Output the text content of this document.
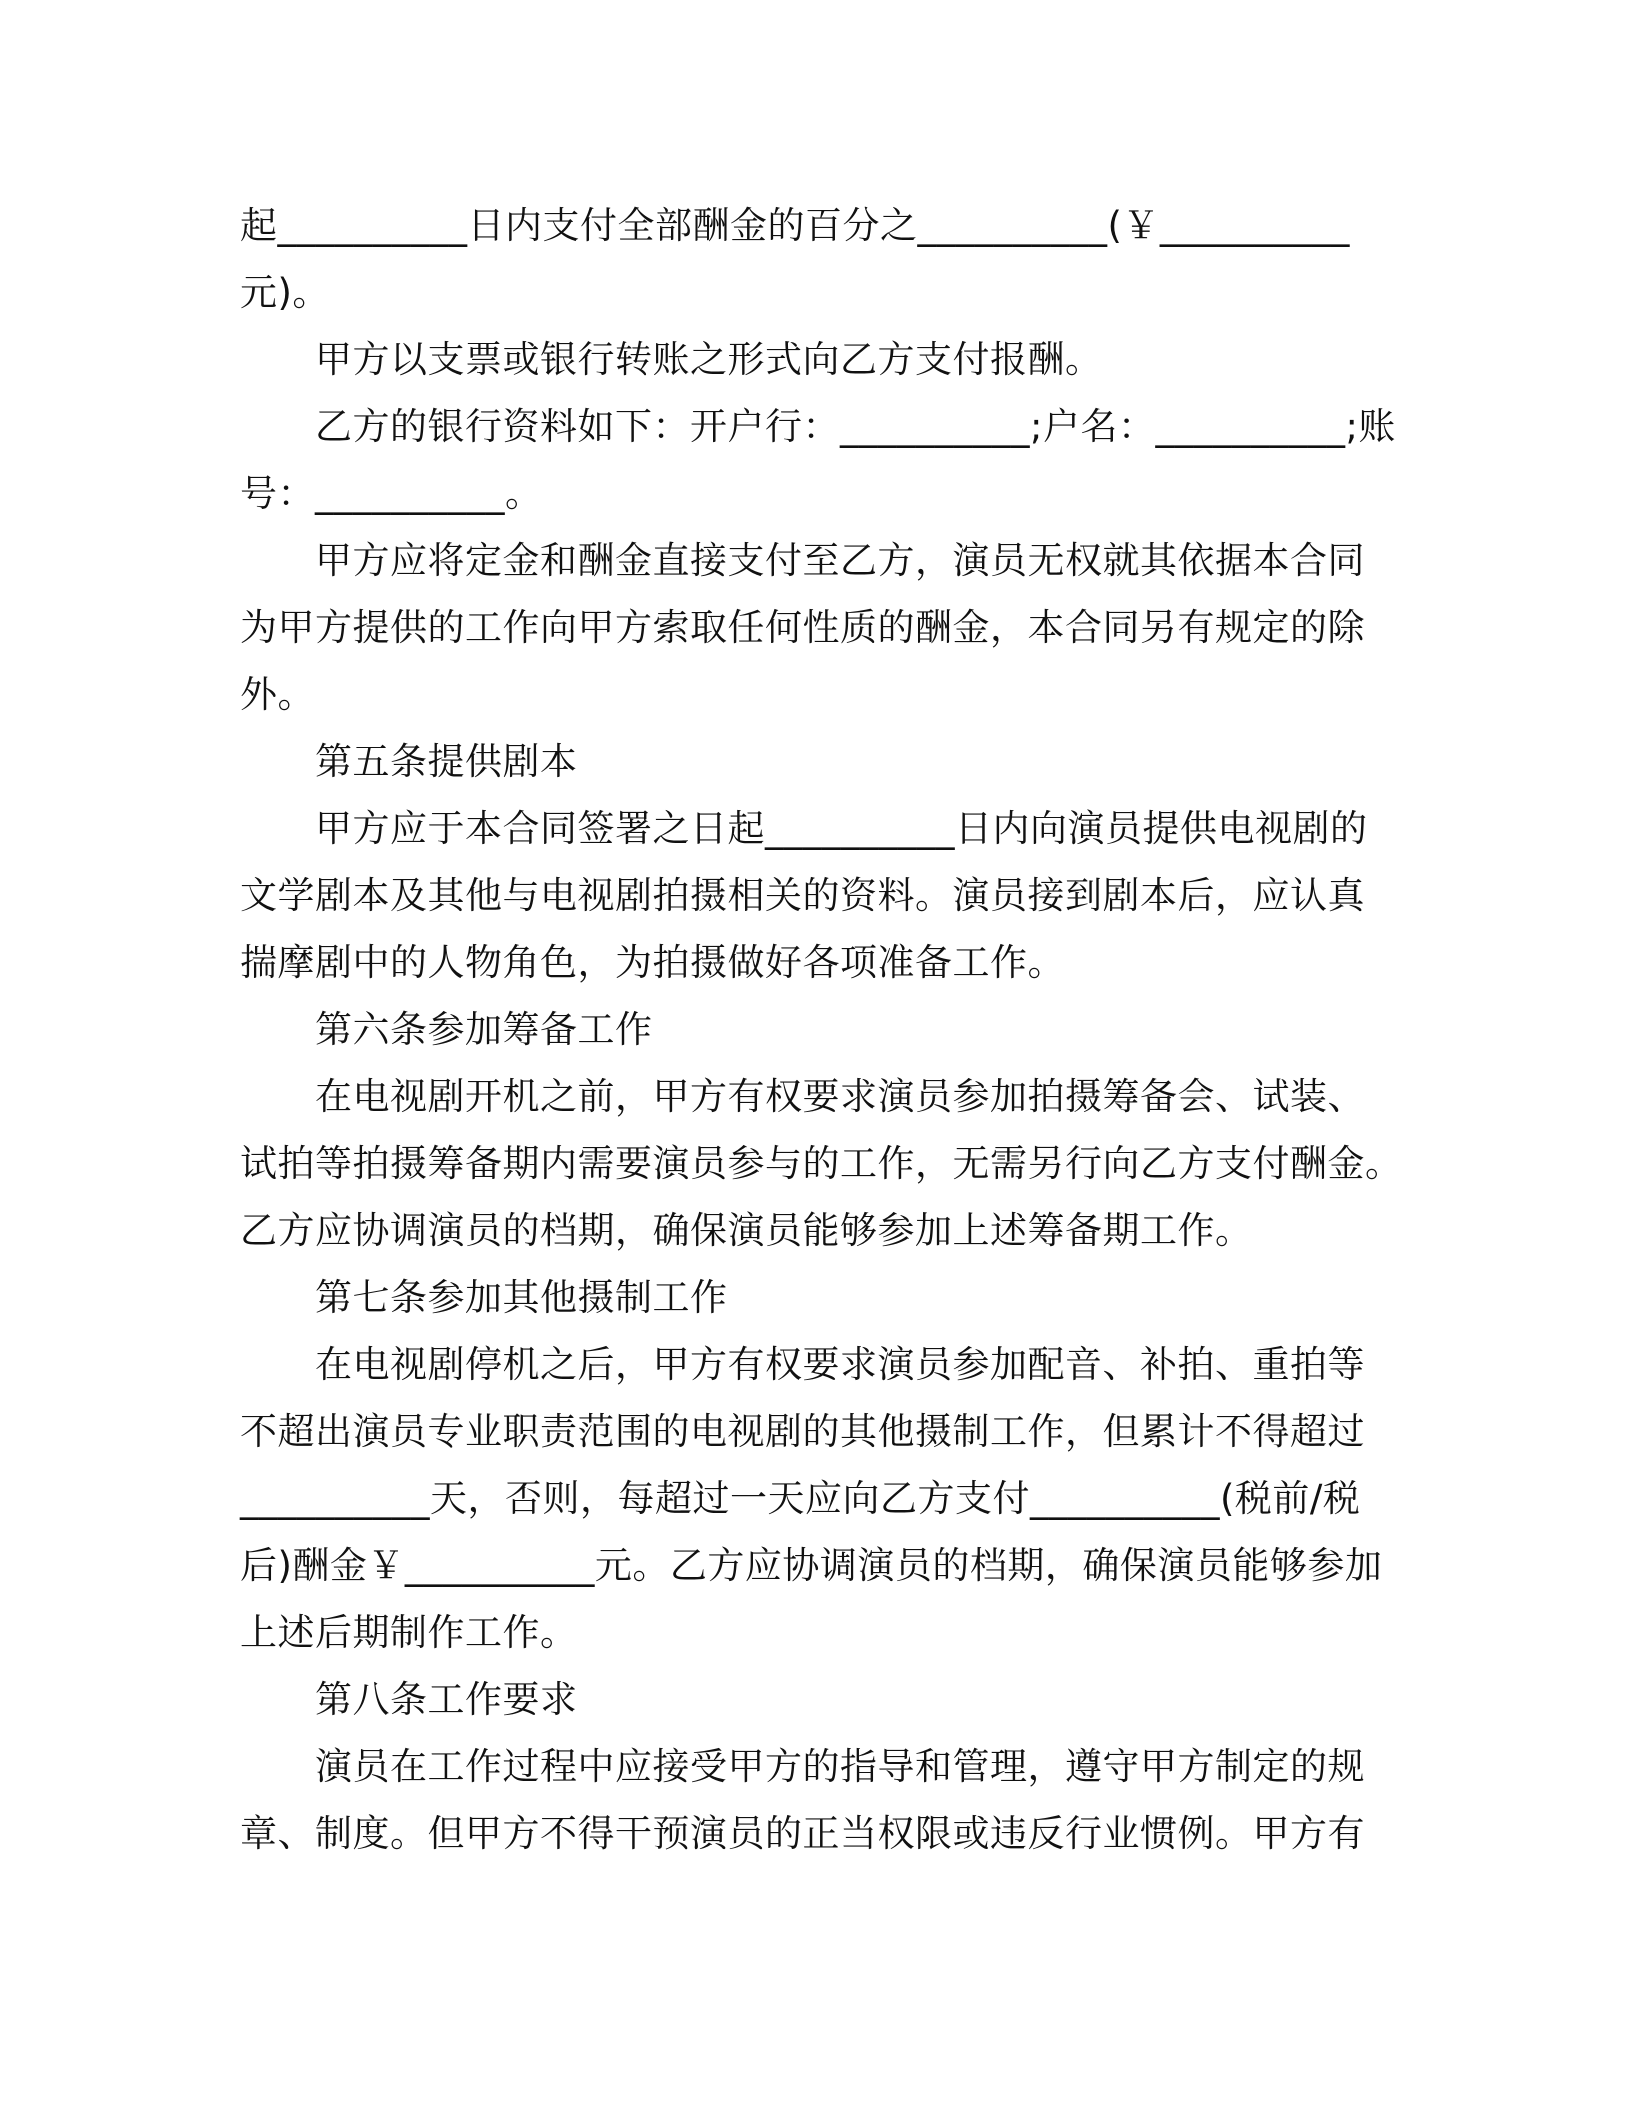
起__________日内支付全部酬金的百分之__________(￥__________
元)。
甲方以支票或银行转账之形式向乙方支付报酬。
乙方的银行资料如下：开户行：__________;户名：__________;账
号：__________。
甲方应将定金和酬金直接支付至乙方，演员无权就其依据本合同
为甲方提供的工作向甲方索取任何性质的酬金，本合同另有规定的除
外。
第五条提供剧本
甲方应于本合同签署之日起__________日内向演员提供电视剧的
文学剧本及其他与电视剧拍摄相关的资料。演员接到剧本后，应认真
揣摩剧中的人物角色，为拍摄做好各项准备工作。
第六条参加筹备工作
在电视剧开机之前，甲方有权要求演员参加拍摄筹备会、试装、
试拍等拍摄筹备期内需要演员参与的工作，无需另行向乙方支付酬金。
乙方应协调演员的档期，确保演员能够参加上述筹备期工作。
第七条参加其他摄制工作
在电视剧停机之后，甲方有权要求演员参加配音、补拍、重拍等
不超出演员专业职责范围的电视剧的其他摄制工作，但累计不得超过
__________天，否则，每超过一天应向乙方支付__________(税前/税
后)酬金￥__________元。乙方应协调演员的档期，确保演员能够参加
上述后期制作工作。
第八条工作要求
演员在工作过程中应接受甲方的指导和管理，遵守甲方制定的规
章、制度。但甲方不得干预演员的正当权限或违反行业惯例。甲方有
